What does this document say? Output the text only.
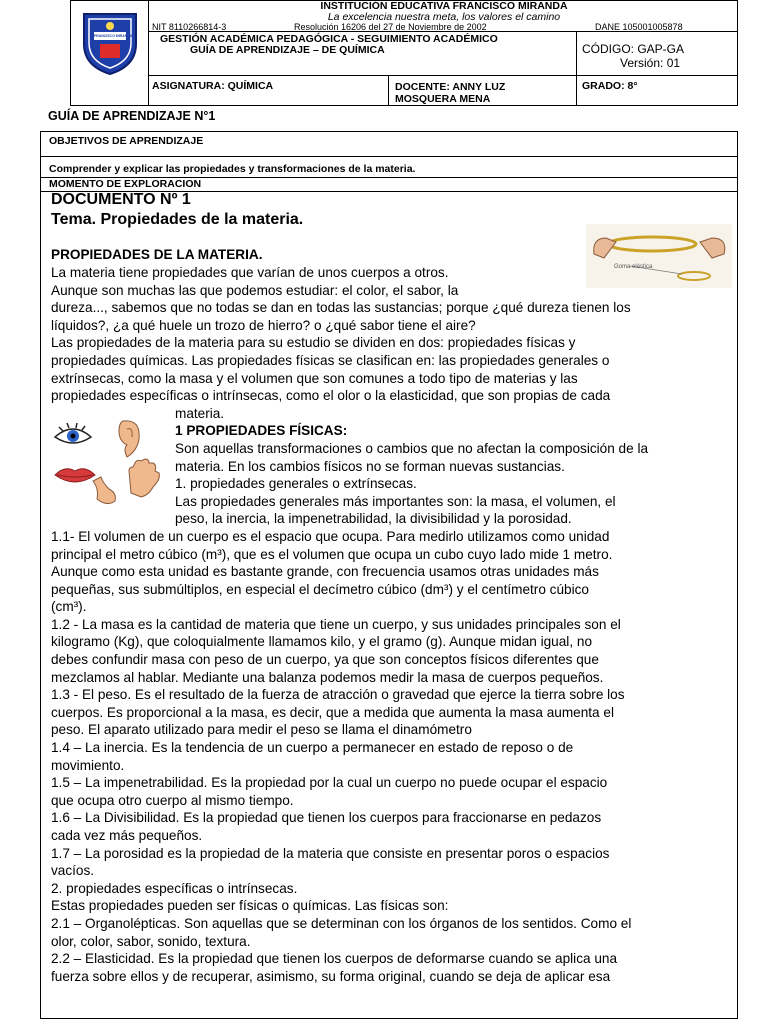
FRANCISCO MIRANDA
INSTITUCIÓN EDUCATIVA FRANCISCO MIRANDA
La excelencia nuestra meta, los valores el camino
NIT 8110266814-3	Resolución 16206 del 27 de Noviembre de 2002	DANE 105001005878
GESTIÓN ACADÉMICA PEDAGÓGICA - SEGUIMIENTO ACADÉMICO
GUÍA DE APRENDIZAJE – DE QUÍMICA	CÓDIGO: GAP-GA
Versión: 01
ASIGNATURA: QUÍMICA	DOCENTE: ANNY LUZ
MOSQUERA MENA
GRADO: 8°
GUÍA DE APRENDIZAJE N°1
OBJETIVOS DE APRENDIZAJE
Comprender y explicar las propiedades y transformaciones de la materia.
MOMENTO DE EXPLORACION
DOCUMENTO Nº 1
Tema. Propiedades de la materia.
Goma elástica
PROPIEDADES DE LA MATERIA.

La materia tiene propiedades que varían de unos cuerpos a otros.

Aunque son muchas las que podemos estudiar: el color, el sabor, la

dureza..., sabemos que no todas se dan en todas las sustancias; porque ¿qué dureza tienen los

líquidos?, ¿a qué huele un trozo de hierro? o ¿qué sabor tiene el aire?

Las propiedades de la materia para su estudio se dividen en dos: propiedades físicas y

propiedades químicas. Las propiedades físicas se clasifican en: las propiedades generales o

extrínsecas, como la masa y el volumen que son comunes a todo tipo de materias y las

propiedades específicas o intrínsecas, como el olor o la elasticidad, que son propias de cada

materia.

1 PROPIEDADES FÍSICAS:

Son aquellas transformaciones o cambios que no afectan la composición de la

materia. En los cambios físicos no se forman nuevas sustancias.

1. propiedades generales o extrínsecas.

Las propiedades generales más importantes son: la masa, el volumen, el

peso, la inercia, la impenetrabilidad, la divisibilidad y la porosidad.

1.1- El volumen de un cuerpo es el espacio que ocupa. Para medirlo utilizamos como unidad

principal el metro cúbico (m³), que es el volumen que ocupa un cubo cuyo lado mide 1 metro.

Aunque como esta unidad es bastante grande, con frecuencia usamos otras unidades más

pequeñas, sus submúltiplos, en especial el decímetro cúbico (dm³) y el centímetro cúbico

(cm³).

1.2 - La masa es la cantidad de materia que tiene un cuerpo, y sus unidades principales son el

kilogramo (Kg), que coloquialmente llamamos kilo, y el gramo (g). Aunque midan igual, no

debes confundir masa con peso de un cuerpo, ya que son conceptos físicos diferentes que

mezclamos al hablar. Mediante una balanza podemos medir la masa de cuerpos pequeños.

1.3 - El peso. Es el resultado de la fuerza de atracción o gravedad que ejerce la tierra sobre los

cuerpos. Es proporcional a la masa, es decir, que a medida que aumenta la masa aumenta el

peso. El aparato utilizado para medir el peso se llama el dinamómetro

1.4 – La inercia. Es la tendencia de un cuerpo a permanecer en estado de reposo o de

movimiento.

1.5 – La impenetrabilidad. Es la propiedad por la cual un cuerpo no puede ocupar el espacio

que ocupa otro cuerpo al mismo tiempo.

1.6 – La Divisibilidad. Es la propiedad que tienen los cuerpos para fraccionarse en pedazos

cada vez más pequeños.

1.7 – La porosidad es la propiedad de la materia que consiste en presentar poros o espacios

vacíos.

2. propiedades específicas o intrínsecas.

Estas propiedades pueden ser físicas o químicas. Las físicas son:

2.1 – Organolépticas. Son aquellas que se determinan con los órganos de los sentidos. Como el

olor, color, sabor, sonido, textura.

2.2 – Elasticidad. Es la propiedad que tienen los cuerpos de deformarse cuando se aplica una

fuerza sobre ellos y de recuperar, asimismo, su forma original, cuando se deja de aplicar esa
